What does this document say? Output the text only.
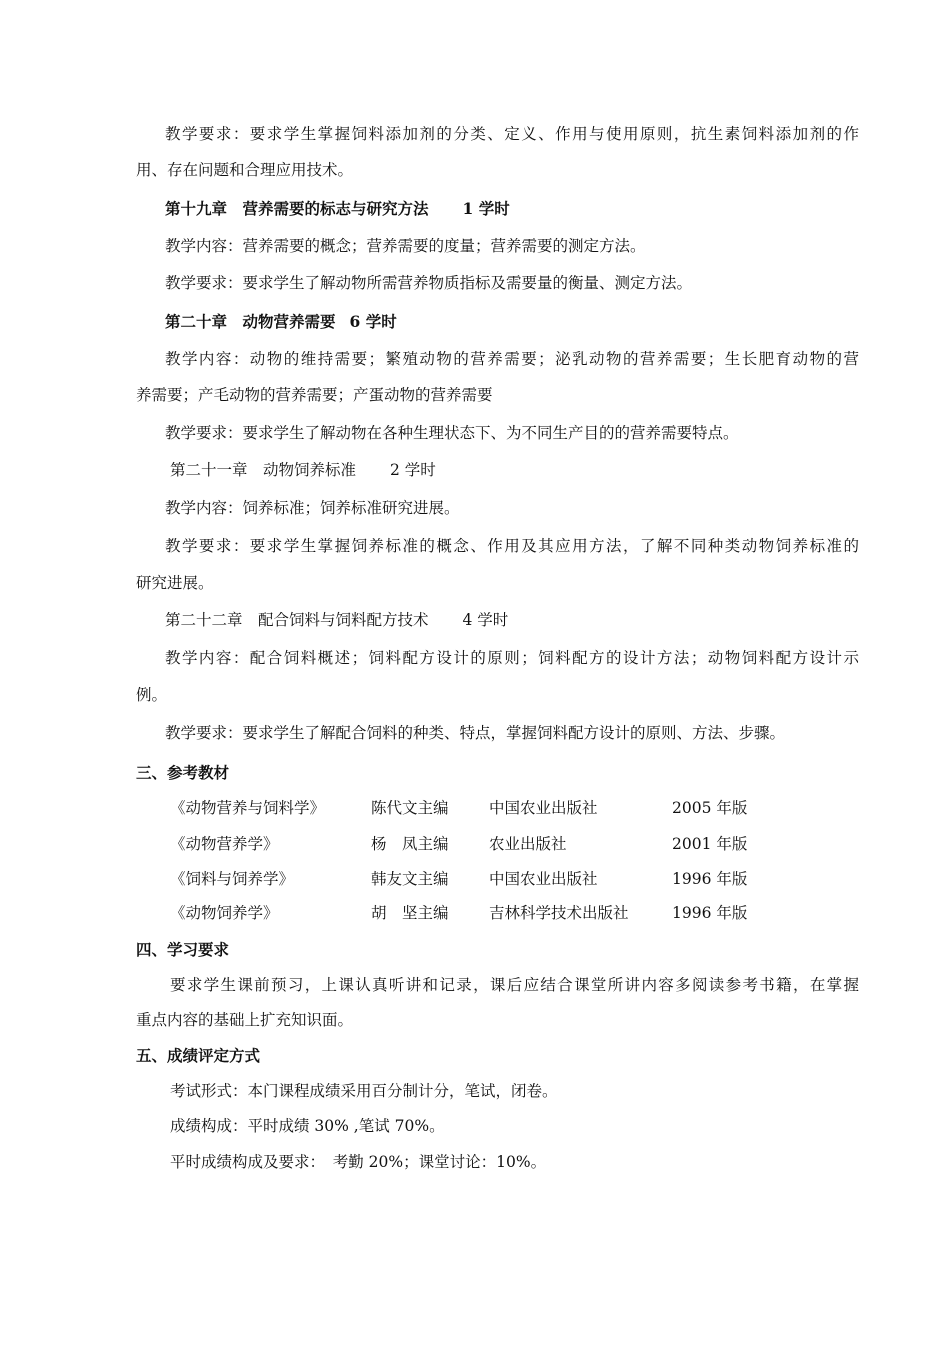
教学要求：要求学生掌握饲料添加剂的分类、定义、作用与使用原则，抗生素饲料添加剂的作
用、存在问题和合理应用技术。
第十九章　营养需要的标志与研究方法 1 学时
教学内容：营养需要的概念；营养需要的度量；营养需要的测定方法。
教学要求：要求学生了解动物所需营养物质指标及需要量的衡量、测定方法。
第二十章　动物营养需要 6 学时
教学内容：动物的维持需要；繁殖动物的营养需要；泌乳动物的营养需要；生长肥育动物的营
养需要；产毛动物的营养需要；产蛋动物的营养需要
教学要求：要求学生了解动物在各种生理状态下、为不同生产目的的营养需要特点。
第二十一章　动物饲养标准 2 学时
教学内容：饲养标准；饲养标准研究进展。
教学要求：要求学生掌握饲养标准的概念、作用及其应用方法，了解不同种类动物饲养标准的
研究进展。
第二十二章　配合饲料与饲料配方技术 4 学时
教学内容：配合饲料概述；饲料配方设计的原则；饲料配方的设计方法；动物饲料配方设计示
例。
教学要求：要求学生了解配合饲料的种类、特点，掌握饲料配方设计的原则、方法、步骤。
三、参考教材
《动物营养与饲料学》	陈代文主编	中国农业出版社	2005 年版
《动物营养学》	杨　凤主编	农业出版社	2001 年版
《饲料与饲养学》	韩友文主编	中国农业出版社	1996 年版
《动物饲养学》	胡　坚主编	吉林科学技术出版社	1996 年版
四、学习要求
要求学生课前预习，上课认真听讲和记录，课后应结合课堂所讲内容多阅读参考书籍，在掌握
重点内容的基础上扩充知识面。
五、成绩评定方式
考试形式：本门课程成绩采用百分制计分，笔试，闭卷。
成绩构成：平时成绩 30% ,笔试 70%。
平时成绩构成及要求：　考勤 20%；课堂讨论：10%。
